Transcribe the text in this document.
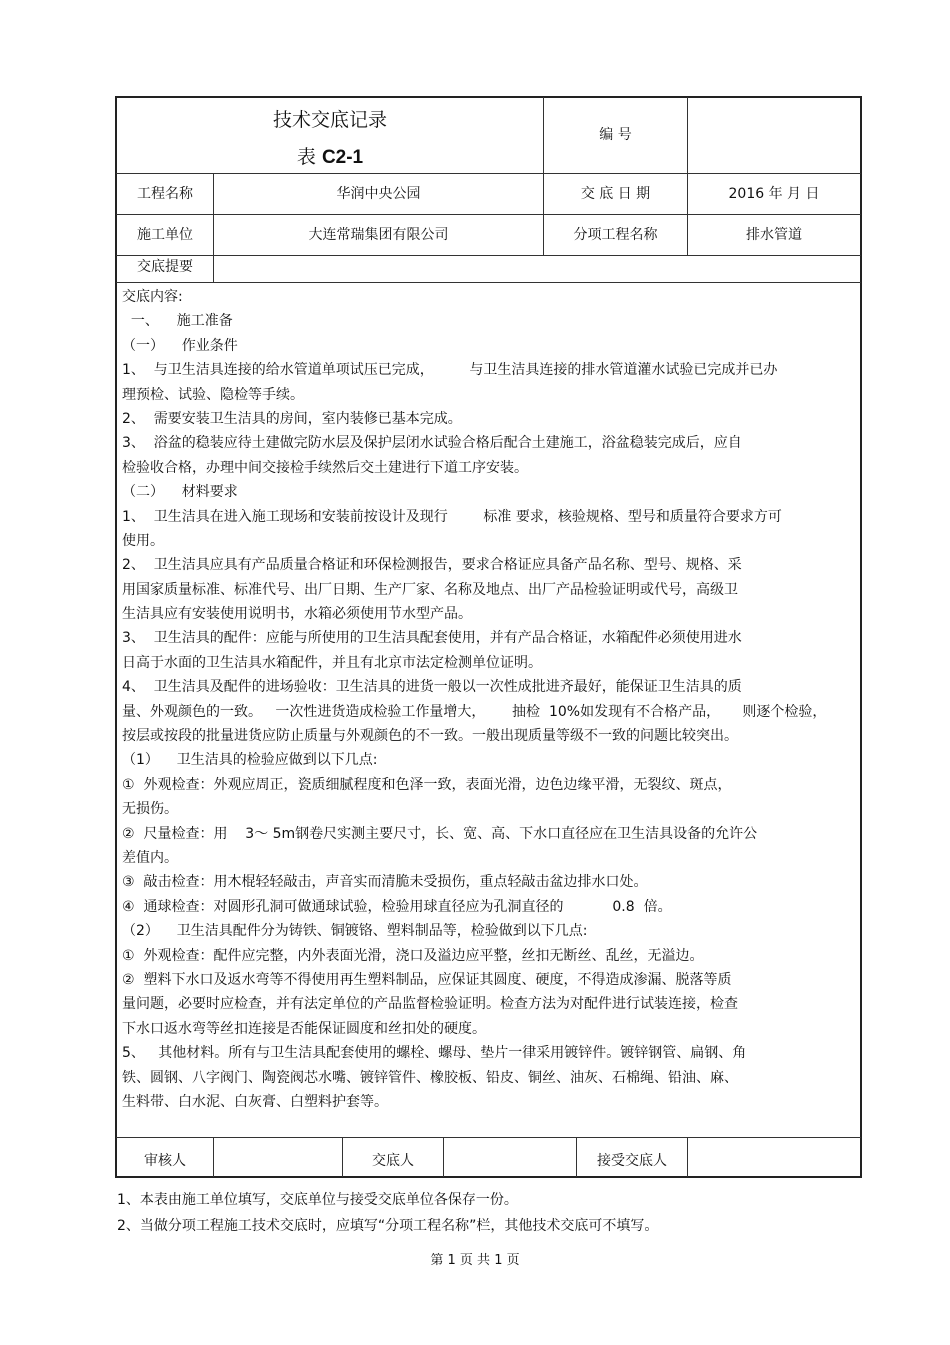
技术交底记录
表 C2-1
编 号
工程名称	华润中央公园	交 底 日 期	2016 年 月 日
施工单位	大连常瑞集团有限公司	分项工程名称	排水管道
交底提要
交底内容:
一、    施工准备
（一）    作业条件
1、  与卫生洁具连接的给水管道单项试压已完成，        与卫生洁具连接的排水管道灌水试验已完成并已办
理预检、试验、隐检等手续。
2、  需要安装卫生洁具的房间，室内装修已基本完成。
3、  浴盆的稳装应待土建做完防水层及保护层闭水试验合格后配合土建施工，浴盆稳装完成后，应自
检验收合格，办理中间交接检手续然后交土建进行下道工序安装。
（二）    材料要求
1、  卫生洁具在进入施工现场和安装前按设计及现行        标准 要求，核验规格、型号和质量符合要求方可
使用。
2、  卫生洁具应具有产品质量合格证和环保检测报告，要求合格证应具备产品名称、型号、规格、采
用国家质量标准、标准代号、出厂日期、生产厂家、名称及地点、出厂产品检验证明或代号，高级卫
生洁具应有安装使用说明书，水箱必须使用节水型产品。
3、  卫生洁具的配件：应能与所使用的卫生洁具配套使用，并有产品合格证，水箱配件必须使用进水
日高于水面的卫生洁具水箱配件，并且有北京市法定检测单位证明。
4、  卫生洁具及配件的进场验收：卫生洁具的进货一般以一次性成批进齐最好，能保证卫生洁具的质
量、外观颜色的一致。   一次性进货造成检验工作量增大，      抽检  10%如发现有不合格产品，     则逐个检验，
按层或按段的批量进货应防止质量与外观颜色的不一致。一般出现质量等级不一致的问题比较突出。
（1）    卫生洁具的检验应做到以下几点:
①  外观检查：外观应周正，瓷质细腻程度和色泽一致，表面光滑，边色边缘平滑，无裂纹、斑点，
无损伤。
②  尺量检查：用    3～ 5m钢卷尺实测主要尺寸，长、宽、高、下水口直径应在卫生洁具设备的允许公
差值内。
③  敲击检查：用木棍轻轻敲击，声音实而清脆未受损伤，重点轻敲击盆边排水口处。
④  通球检查：对圆形孔洞可做通球试验，检验用球直径应为孔洞直径的           0.8  倍。
（2）    卫生洁具配件分为铸铁、铜镀铬、塑料制品等，检验做到以下几点:
①  外观检查：配件应完整，内外表面光滑，浇口及溢边应平整，丝扣无断丝、乱丝，无溢边。
②  塑料下水口及返水弯等不得使用再生塑料制品，应保证其圆度、硬度，不得造成渗漏、脱落等质
量问题，必要时应检查，并有法定单位的产品监督检验证明。检查方法为对配件进行试装连接，检查
下水口返水弯等丝扣连接是否能保证圆度和丝扣处的硬度。
5、   其他材料。所有与卫生洁具配套使用的螺栓、螺母、垫片一律采用镀锌件。镀锌钢管、扁钢、角
铁、圆钢、八字阀门、陶瓷阀芯水嘴、镀锌管件、橡胶板、铅皮、铜丝、油灰、石棉绳、铅油、麻、
生料带、白水泥、白灰膏、白塑料护套等。
审核人	交底人	接受交底人
1、本表由施工单位填写，交底单位与接受交底单位各保存一份。
2、当做分项工程施工技术交底时，应填写“分项工程名称”栏，其他技术交底可不填写。
第 1 页 共 1 页
